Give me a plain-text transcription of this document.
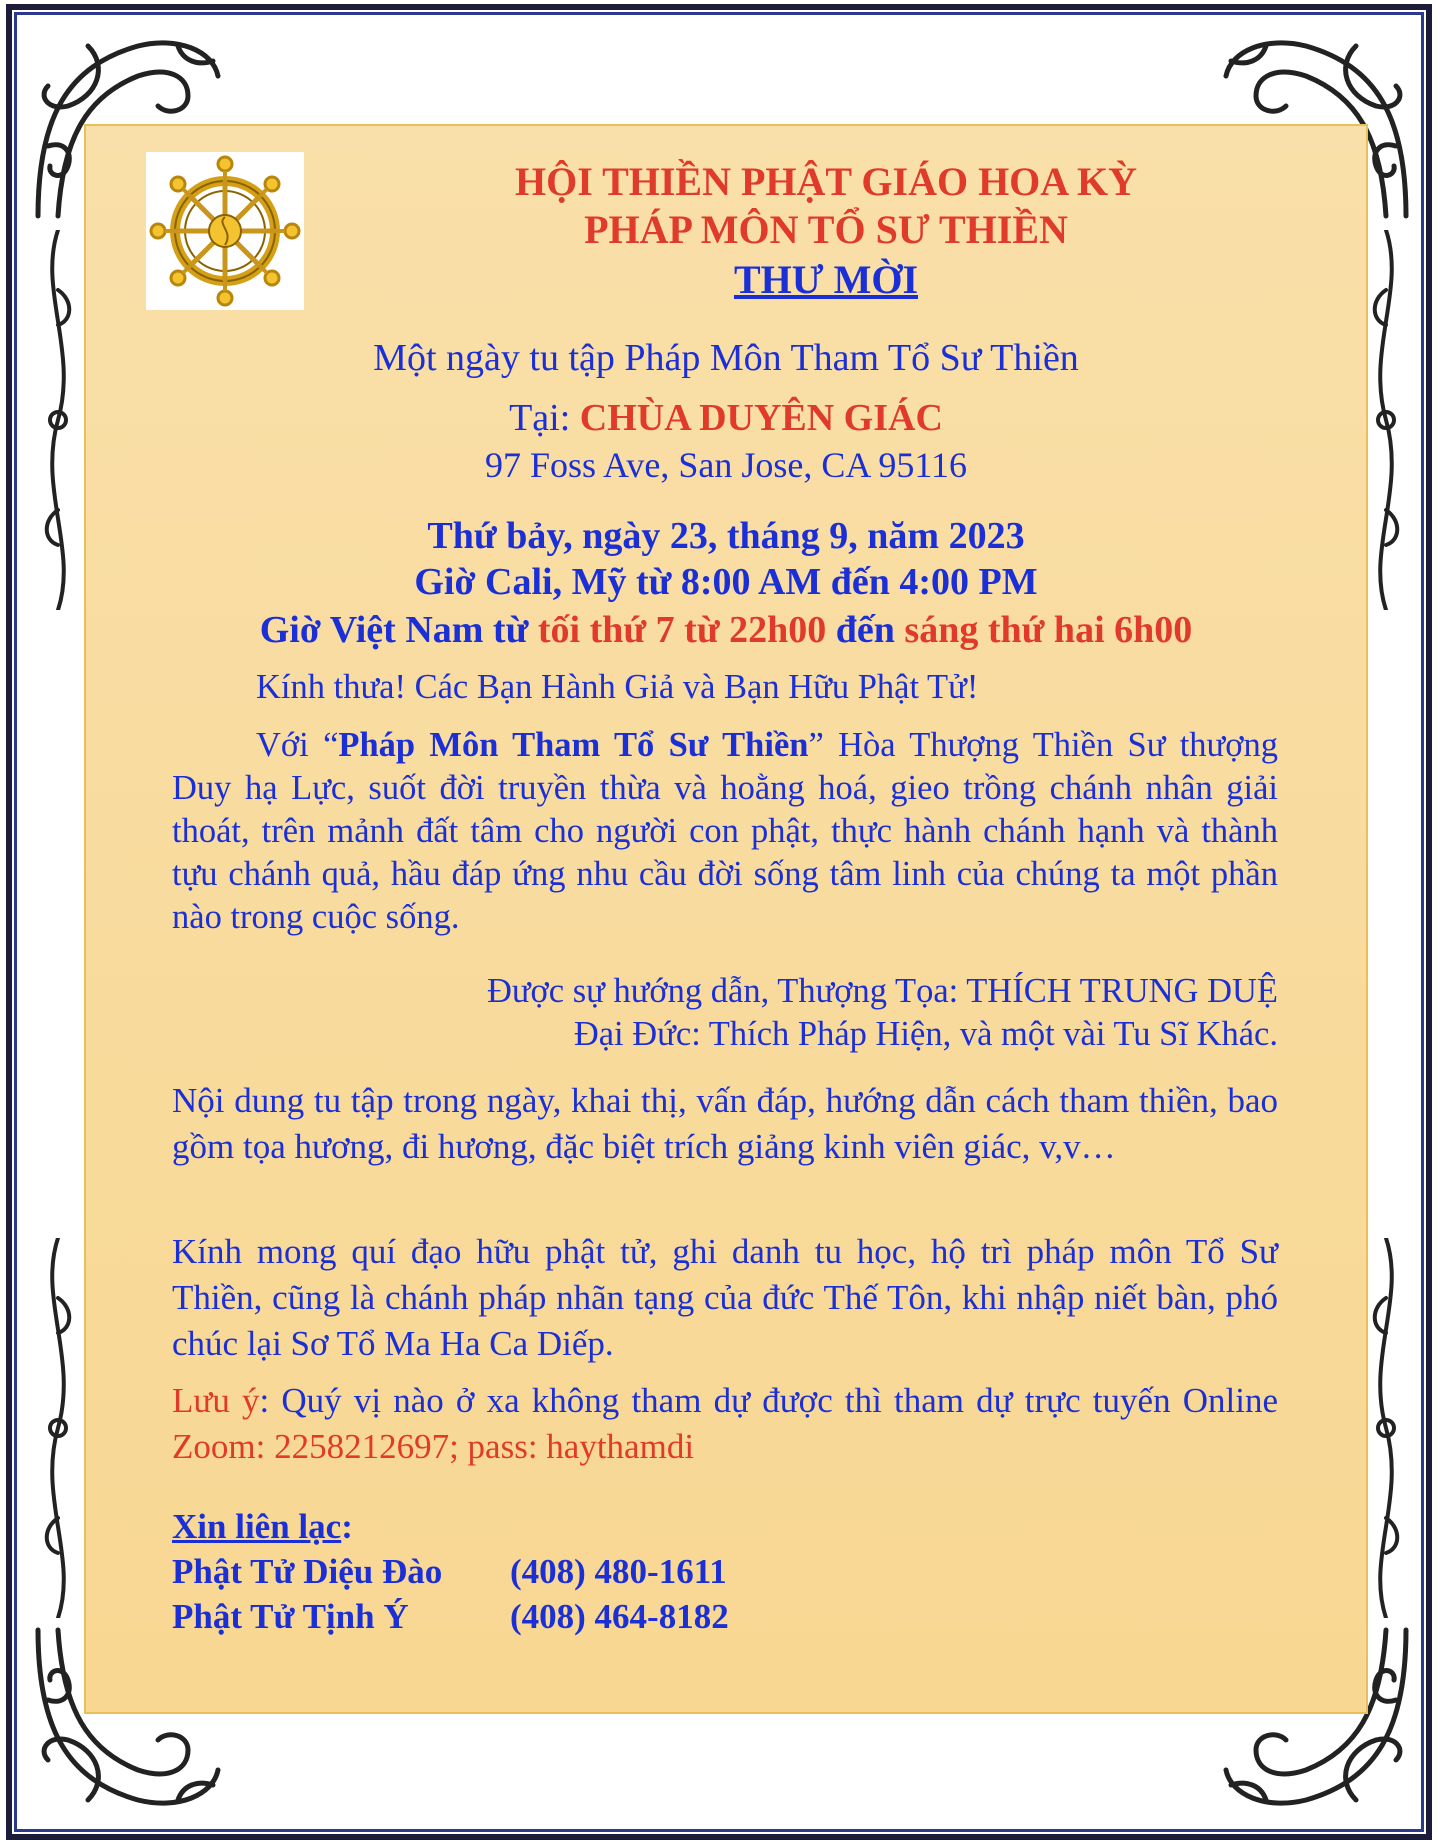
HỘI THIỀN PHẬT GIÁO HOA KỲ
PHÁP MÔN TỔ SƯ THIỀN
THƯ MỜI
Một ngày tu tập Pháp Môn Tham Tổ Sư Thiền
Tại: CHÙA DUYÊN GIÁC
97 Foss Ave, San Jose, CA 95116
Thứ bảy, ngày 23, tháng 9, năm 2023
Giờ Cali, Mỹ từ 8:00 AM đến 4:00 PM
Giờ Việt Nam từ tối thứ 7 từ 22h00 đến sáng thứ hai 6h00
Kính thưa! Các Bạn Hành Giả và Bạn Hữu Phật Tử!
Với “Pháp Môn Tham Tổ Sư Thiền” Hòa Thượng Thiền Sư thượng Duy hạ Lực, suốt đời truyền thừa và hoằng hoá, gieo trồng chánh nhân giải thoát, trên mảnh đất tâm cho người con phật, thực hành chánh hạnh và thành tựu chánh quả, hầu đáp ứng nhu cầu đời sống tâm linh của chúng ta một phần nào trong cuộc sống.
Được sự hướng dẫn, Thượng Tọa: THÍCH TRUNG DUỆ
Đại Đức: Thích Pháp Hiện, và một vài Tu Sĩ Khác.
Nội dung tu tập trong ngày, khai thị, vấn đáp, hướng dẫn cách tham thiền, bao gồm tọa hương, đi hương, đặc biệt trích giảng kinh viên giác, v,v…
Kính mong quí đạo hữu phật tử, ghi danh tu học, hộ trì pháp môn Tổ Sư Thiền, cũng là chánh pháp nhãn tạng của đức Thế Tôn, khi nhập niết bàn, phó chúc lại Sơ Tổ Ma Ha Ca Diếp.
Lưu ý: Quý vị nào ở xa không tham dự được thì tham dự trực tuyến Online Zoom: 2258212697; pass: haythamdi
Xin liên lạc:
Phật Tử Diệu Đào (408) 480-1611
Phật Tử Tịnh Ý	(408) 464-8182
